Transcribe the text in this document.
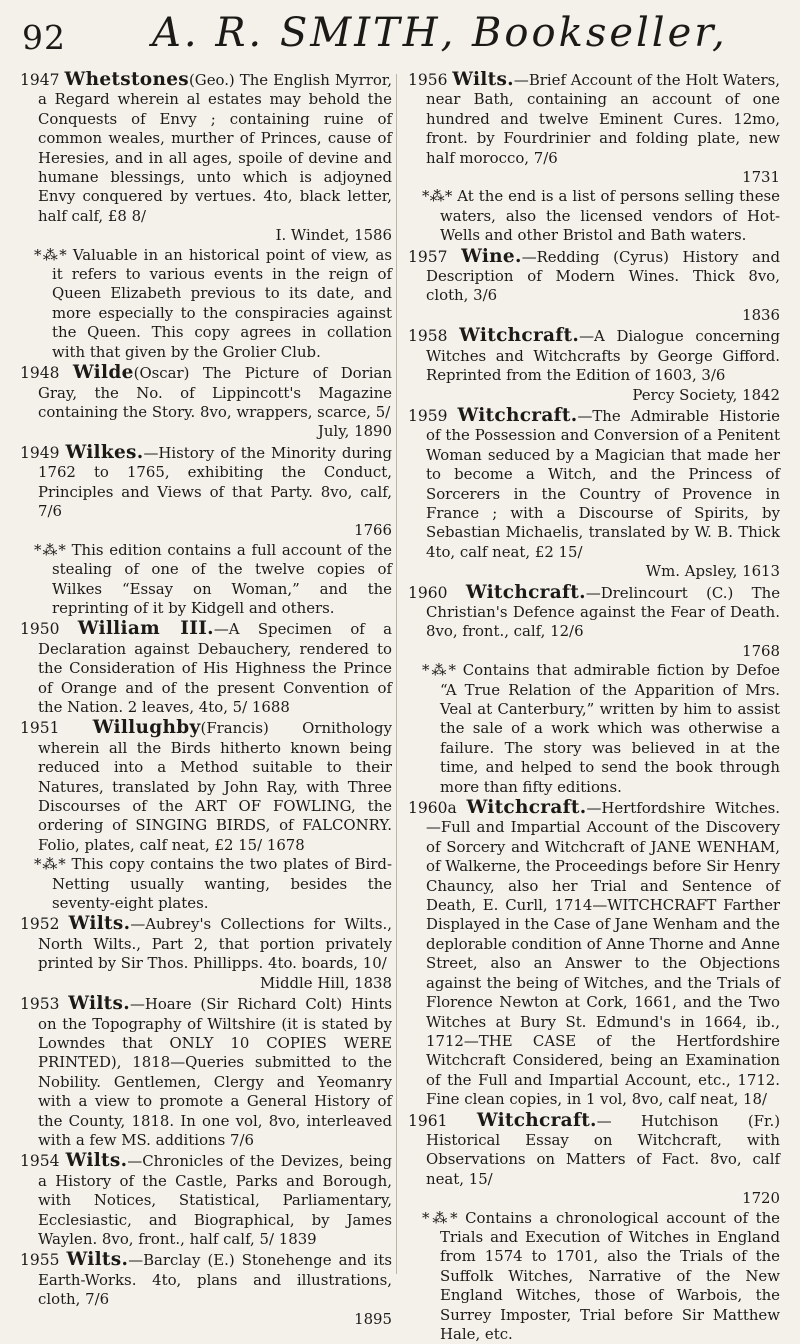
92 A. R. SMITH, Bookseller,

1947 Whetstones(Geo.) The English Myrror, a Regard wherein al estates may behold the Conquests of Envy ; containing ruine of common weales, murther of Princes, cause of Heresies, and in all ages, spoile of devine and humane blessings, unto which is adjoyned Envy conquered by vertues. 4to, black letter, half calf, £8 8/
I. Windet, 1586

*⁂* Valuable in an historical point of view, as it refers to various events in the reign of Queen Elizabeth previous to its date, and more especially to the conspiracies against the Queen. This copy agrees in collation with that given by the Grolier Club.

1948 Wilde(Oscar) The Picture of Dorian Gray, the No. of Lippincott's Magazine containing the Story. 8vo, wrappers, scarce, 5/
July, 1890

1949 Wilkes.—History of the Minority during 1762 to 1765, exhibiting the Conduct, Principles and Views of that Party. 8vo, calf, 7/6
1766

*⁂* This edition contains a full account of the stealing of one of the twelve copies of Wilkes “Essay on Woman,” and the reprinting of it by Kidgell and others.

1950 William III.—A Specimen of a Declaration against Debauchery, rendered to the Consideration of His Highness the Prince of Orange and of the present Convention of the Nation. 2 leaves, 4to, 5/ 1688

1951 Willughby(Francis) Ornithology wherein all the Birds hitherto known being reduced into a Method suitable to their Natures, translated by John Ray, with Three Discourses of the ART OF FOWLING, the ordering of SINGING BIRDS, of FALCONRY. Folio, plates, calf neat, £2 15/ 1678

*⁂* This copy contains the two plates of Bird-Netting usually wanting, besides the seventy-eight plates.

1952 Wilts.—Aubrey's Collections for Wilts., North Wilts., Part 2, that portion privately printed by Sir Thos. Phillipps. 4to. boards, 10/
Middle Hill, 1838

1953 Wilts.—Hoare (Sir Richard Colt) Hints on the Topography of Wiltshire (it is stated by Lowndes that ONLY 10 COPIES WERE PRINTED), 1818—Queries submitted to the Nobility. Gentlemen, Clergy and Yeomanry with a view to promote a General History of the County, 1818. In one vol, 8vo, interleaved with a few MS. additions 7/6

1954 Wilts.—Chronicles of the Devizes, being a History of the Castle, Parks and Borough, with Notices, Statistical, Parliamentary, Ecclesiastic, and Biographical, by James Waylen. 8vo, front., half calf, 5/ 1839

1955 Wilts.—Barclay (E.) Stonehenge and its Earth-Works. 4to, plans and illustrations, cloth, 7/6
1895

1956 Wilts.—Brief Account of the Holt Waters, near Bath, containing an account of one hundred and twelve Eminent Cures. 12mo, front. by Fourdrinier and folding plate, new half morocco, 7/6
1731

*⁂* At the end is a list of persons selling these waters, also the licensed vendors of Hot-Wells and other Bristol and Bath waters.

1957 Wine.—Redding (Cyrus) History and Description of Modern Wines. Thick 8vo, cloth, 3/6
1836

1958 Witchcraft.—A Dialogue concerning Witches and Witchcrafts by George Gifford. Reprinted from the Edition of 1603, 3/6
Percy Society, 1842

1959 Witchcraft.—The Admirable Historie of the Possession and Conversion of a Penitent Woman seduced by a Magician that made her to become a Witch, and the Princess of Sorcerers in the Country of Provence in France ; with a Discourse of Spirits, by Sebastian Michaelis, translated by W. B. Thick 4to, calf neat, £2 15/
Wm. Apsley, 1613

1960 Witchcraft.—Drelincourt (C.) The Christian's Defence against the Fear of Death. 8vo, front., calf, 12/6
1768

*⁂* Contains that admirable fiction by Defoe “A True Relation of the Apparition of Mrs. Veal at Canterbury,” written by him to assist the sale of a work which was otherwise a failure. The story was believed in at the time, and helped to send the book through more than fifty editions.

1960a Witchcraft.—Hertfordshire Witches.—Full and Impartial Account of the Discovery of Sorcery and Witchcraft of JANE WENHAM, of Walkerne, the Proceedings before Sir Henry Chauncy, also her Trial and Sentence of Death, E. Curll, 1714—WITCHCRAFT Farther Displayed in the Case of Jane Wenham and the deplorable condition of Anne Thorne and Anne Street, also an Answer to the Objections against the being of Witches, and the Trials of Florence Newton at Cork, 1661, and the Two Witches at Bury St. Edmund's in 1664, ib., 1712—THE CASE of the Hertfordshire Witchcraft Considered, being an Examination of the Full and Impartial Account, etc., 1712. Fine clean copies, in 1 vol, 8vo, calf neat, 18/

1961 Witchcraft.— Hutchison (Fr.) Historical Essay on Witchcraft, with Observations on Matters of Fact. 8vo, calf neat, 15/
1720

*⁂* Contains a chronological account of the Trials and Execution of Witches in England from 1574 to 1701, also the Trials of the Suffolk Witches, Narrative of the New England Witches, those of Warbois, the Surrey Imposter, Trial before Sir Matthew Hale, etc.
